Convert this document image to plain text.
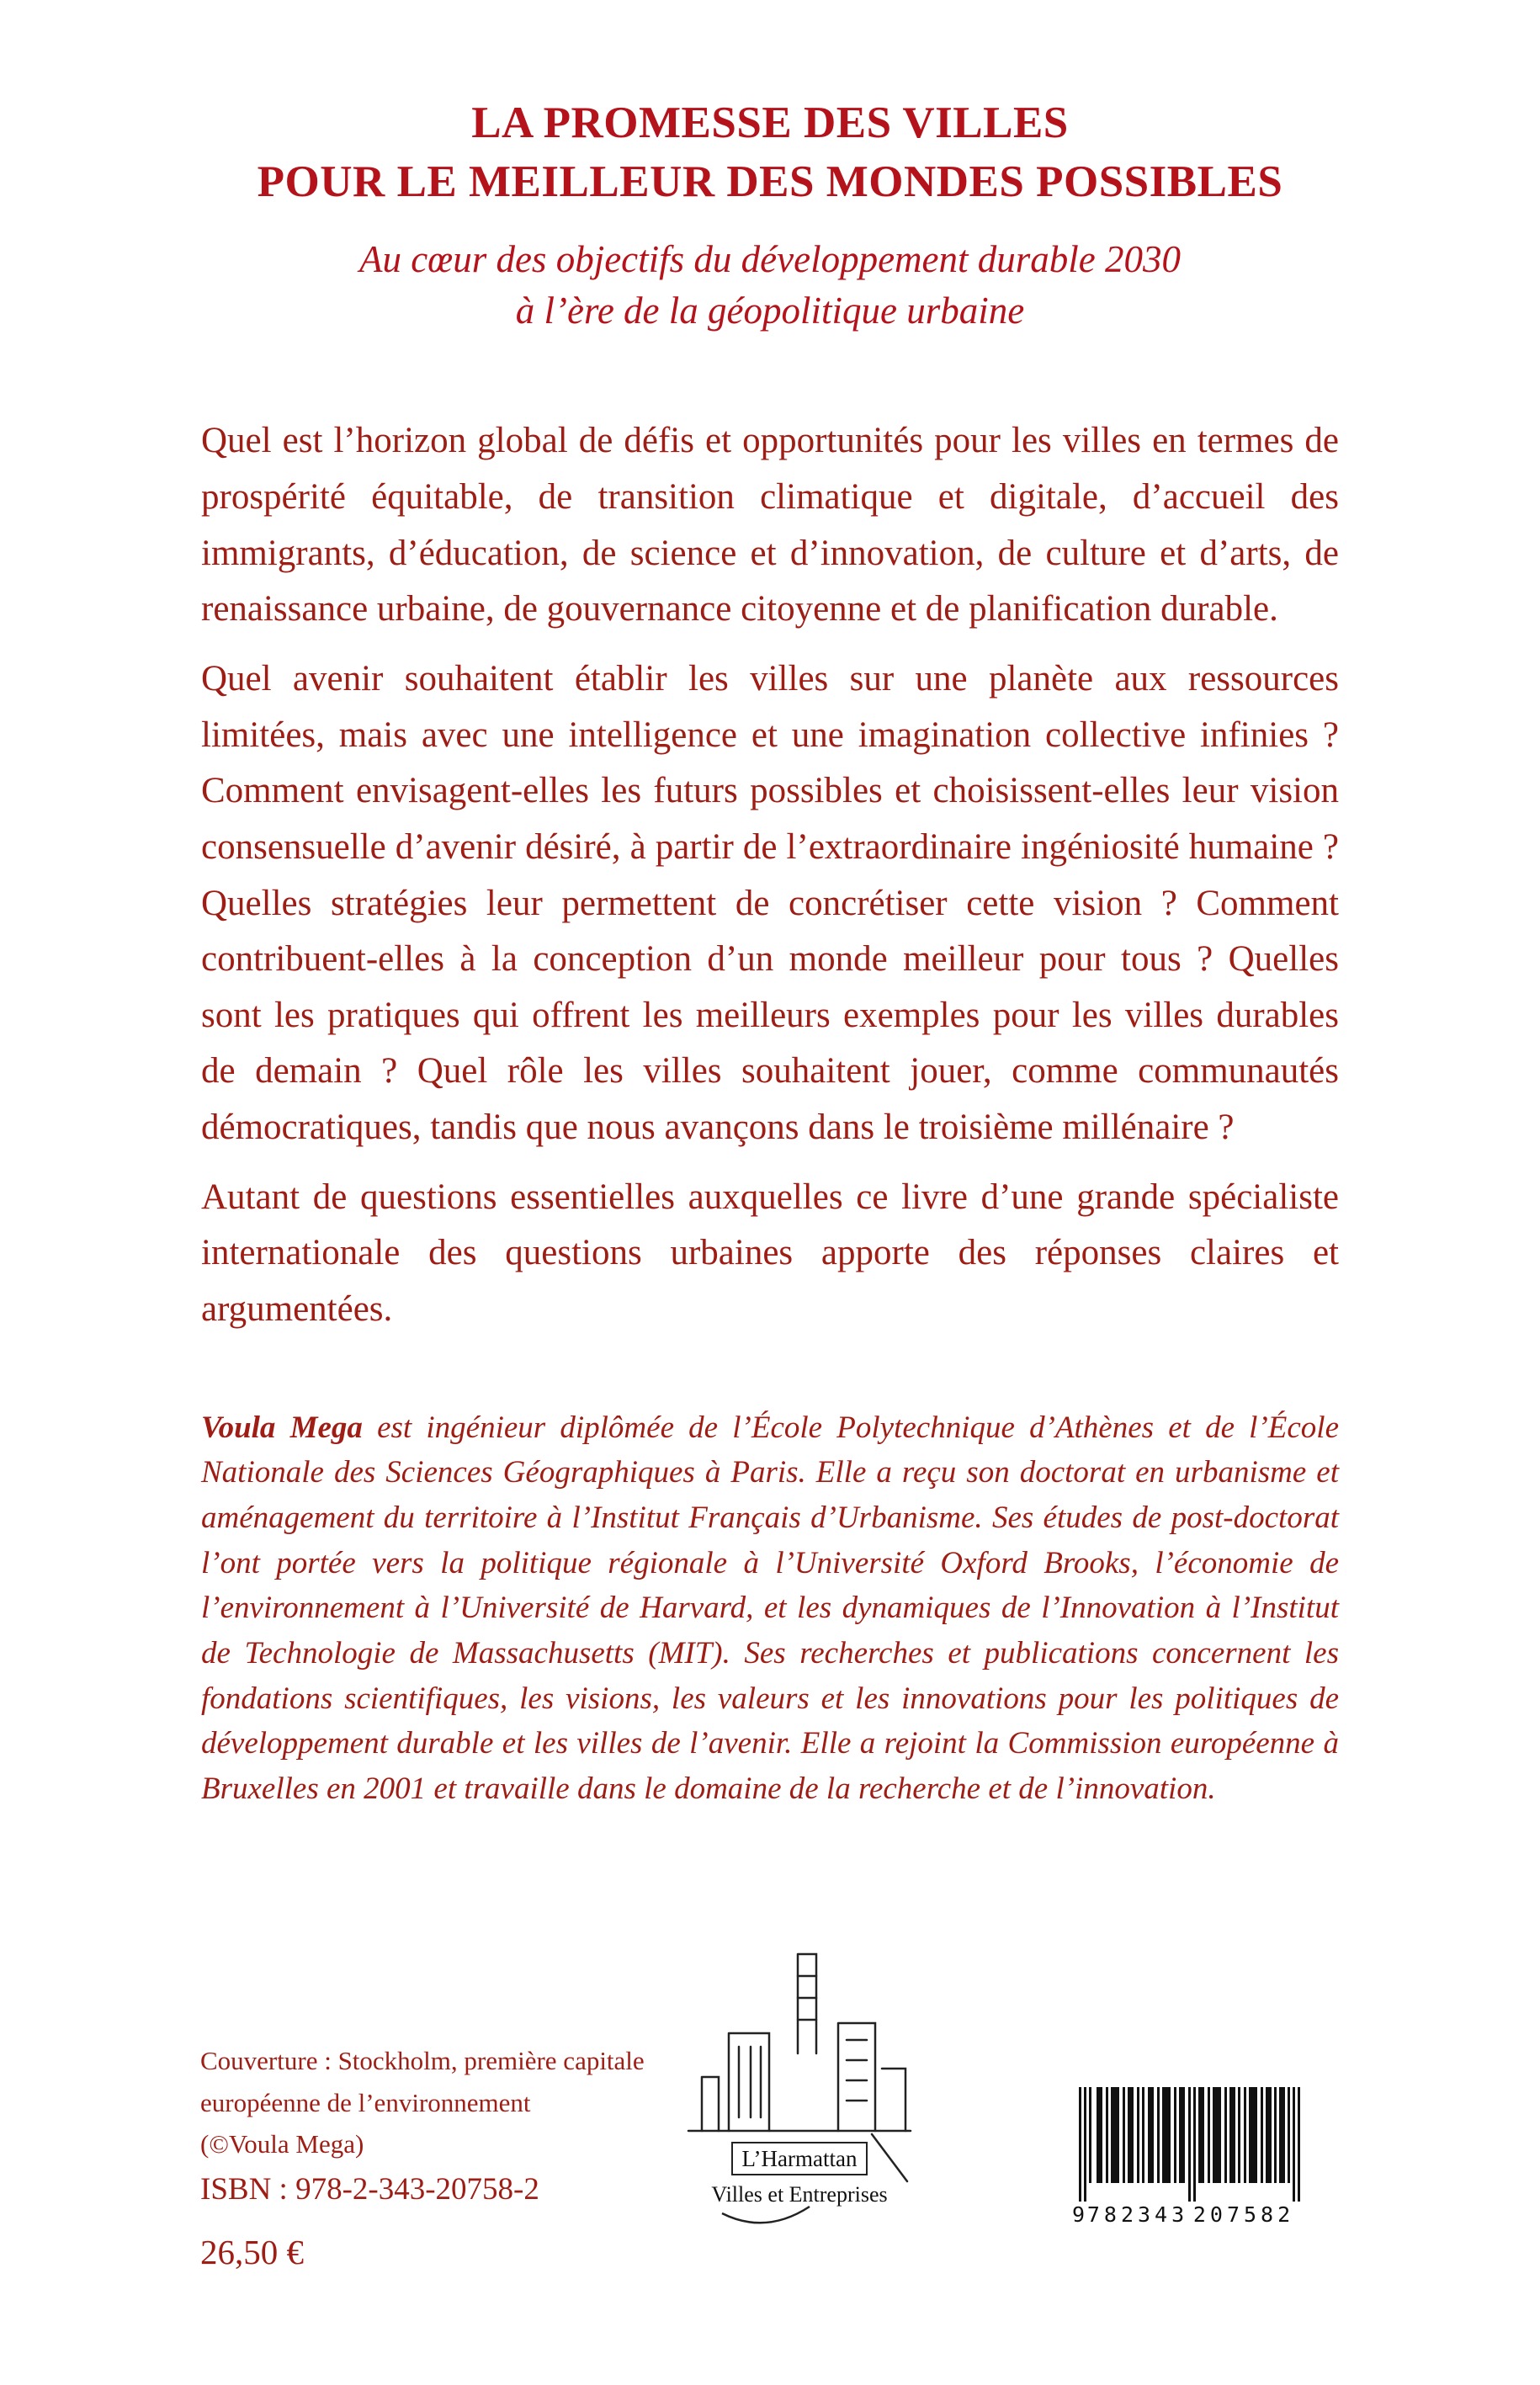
LA PROMESSE DES VILLES
POUR LE MEILLEUR DES MONDES POSSIBLES
Au cœur des objectifs du développement durable 2030
à l’ère de la géopolitique urbaine

Quel est l’horizon global de défis et opportunités pour les villes en termes de prospérité équitable, de transition climatique et digitale, d’accueil des immigrants, d’éducation, de science et d’innovation, de culture et d’arts, de renaissance urbaine, de gouvernance citoyenne et de planification durable.

Quel avenir souhaitent établir les villes sur une planète aux ressources limitées, mais avec une intelligence et une imagination collective infinies ? Comment envisagent-elles les futurs possibles et choisissent-elles leur vision consensuelle d’avenir désiré, à partir de l’extraordinaire ingéniosité humaine ? Quelles stratégies leur permettent de concrétiser cette vision ? Comment contribuent-elles à la conception d’un monde meilleur pour tous ? Quelles sont les pratiques qui offrent les meilleurs exemples pour les villes durables de demain ? Quel rôle les villes souhaitent jouer, comme communautés démocratiques, tandis que nous avançons dans le troisième millénaire ?

Autant de questions essentielles auxquelles ce livre d’une grande spécialiste internationale des questions urbaines apporte des réponses claires et argumentées.

Voula Mega est ingénieur diplômée de l’École Polytechnique d’Athènes et de l’École Nationale des Sciences Géographiques à Paris. Elle a reçu son doctorat en urbanisme et aménagement du territoire à l’Institut Français d’Urbanisme. Ses études de post-doctorat l’ont portée vers la politique régionale à l’Université Oxford Brooks, l’économie de l’environnement à l’Université de Harvard, et les dynamiques de l’Innovation à l’Institut de Technologie de Massachusetts (MIT). Ses recherches et publications concernent les fondations scientifiques, les visions, les valeurs et les innovations pour les politiques de développement durable et les villes de l’avenir. Elle a rejoint la Commission européenne à Bruxelles en 2001 et travaille dans le domaine de la recherche et de l’innovation.

Couverture : Stockholm, première capitale
européenne de l’environnement
(©Voula Mega)
ISBN : 978-2-343-20758-2
26,50 €
L’Harmattan
Villes et Entreprises
9 782343 207582
